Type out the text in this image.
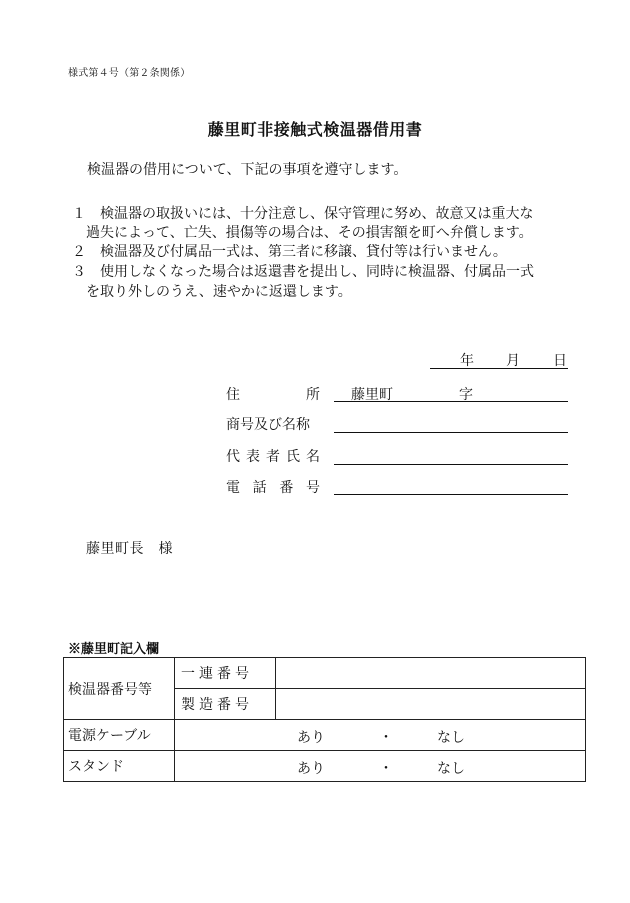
様式第４号（第２条関係）
藤里町非接触式検温器借用書
検温器の借用について、下記の事項を遵守します。
１ 検温器の取扱いには、十分注意し、保守管理に努め、故意又は重大な
過失によって、亡失、損傷等の場合は、その損害額を町へ弁償します。
２ 検温器及び付属品一式は、第三者に移譲、貸付等は行いません。
３ 使用しなくなった場合は返還書を提出し、同時に検温器、付属品一式
を取り外しのうえ、速やかに返還します。
年 月 日
住	所 藤里町	字
商号及び名称
代 表 者 氏 名
電 話 番 号
藤里町長　様
※藤里町記入欄
検温器番号等	一連番号	
	製造番号	
電源ケーブル	あり ・ なし	

スタンド	あり ・ なし	
